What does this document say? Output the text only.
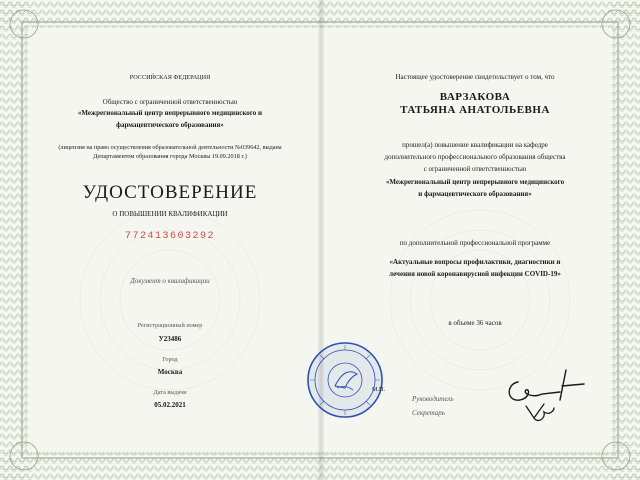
РОССИЙСКАЯ ФЕДЕРАЦИЯ
Общество с ограниченной ответственностью
«Межрегиональный центр непрерывного медицинского и
фармацевтического образования»
(лицензия на право осуществления образовательной деятельности №039642, выдана
Департаментом образования города Москвы 19.09.2018 г.)
УДОСТОВЕРЕНИЕ
О ПОВЫШЕНИИ КВАЛИФИКАЦИИ
772413603292
Документ о квалификации
Регистрационный номер
У23486
Город
Москва
Дата выдачи
05.02.2021
Настоящее удостоверение свидетельствует о том, что
ВАРЗАКОВА
ТАТЬЯНА АНАТОЛЬЕВНА
прошел(а) повышение квалификации на кафедре
дополнительного профессионального образования общества
с ограниченной ответственностью
«Межрегиональный центр непрерывного медицинского
и фармацевтического образования»
по дополнительной профессиональной программе
«Актуальные вопросы профилактики, диагностики и
лечения новой коронавирусной инфекции COVID-19»
в объеме 36 часов
М.П.
Руководитель
Секретарь
